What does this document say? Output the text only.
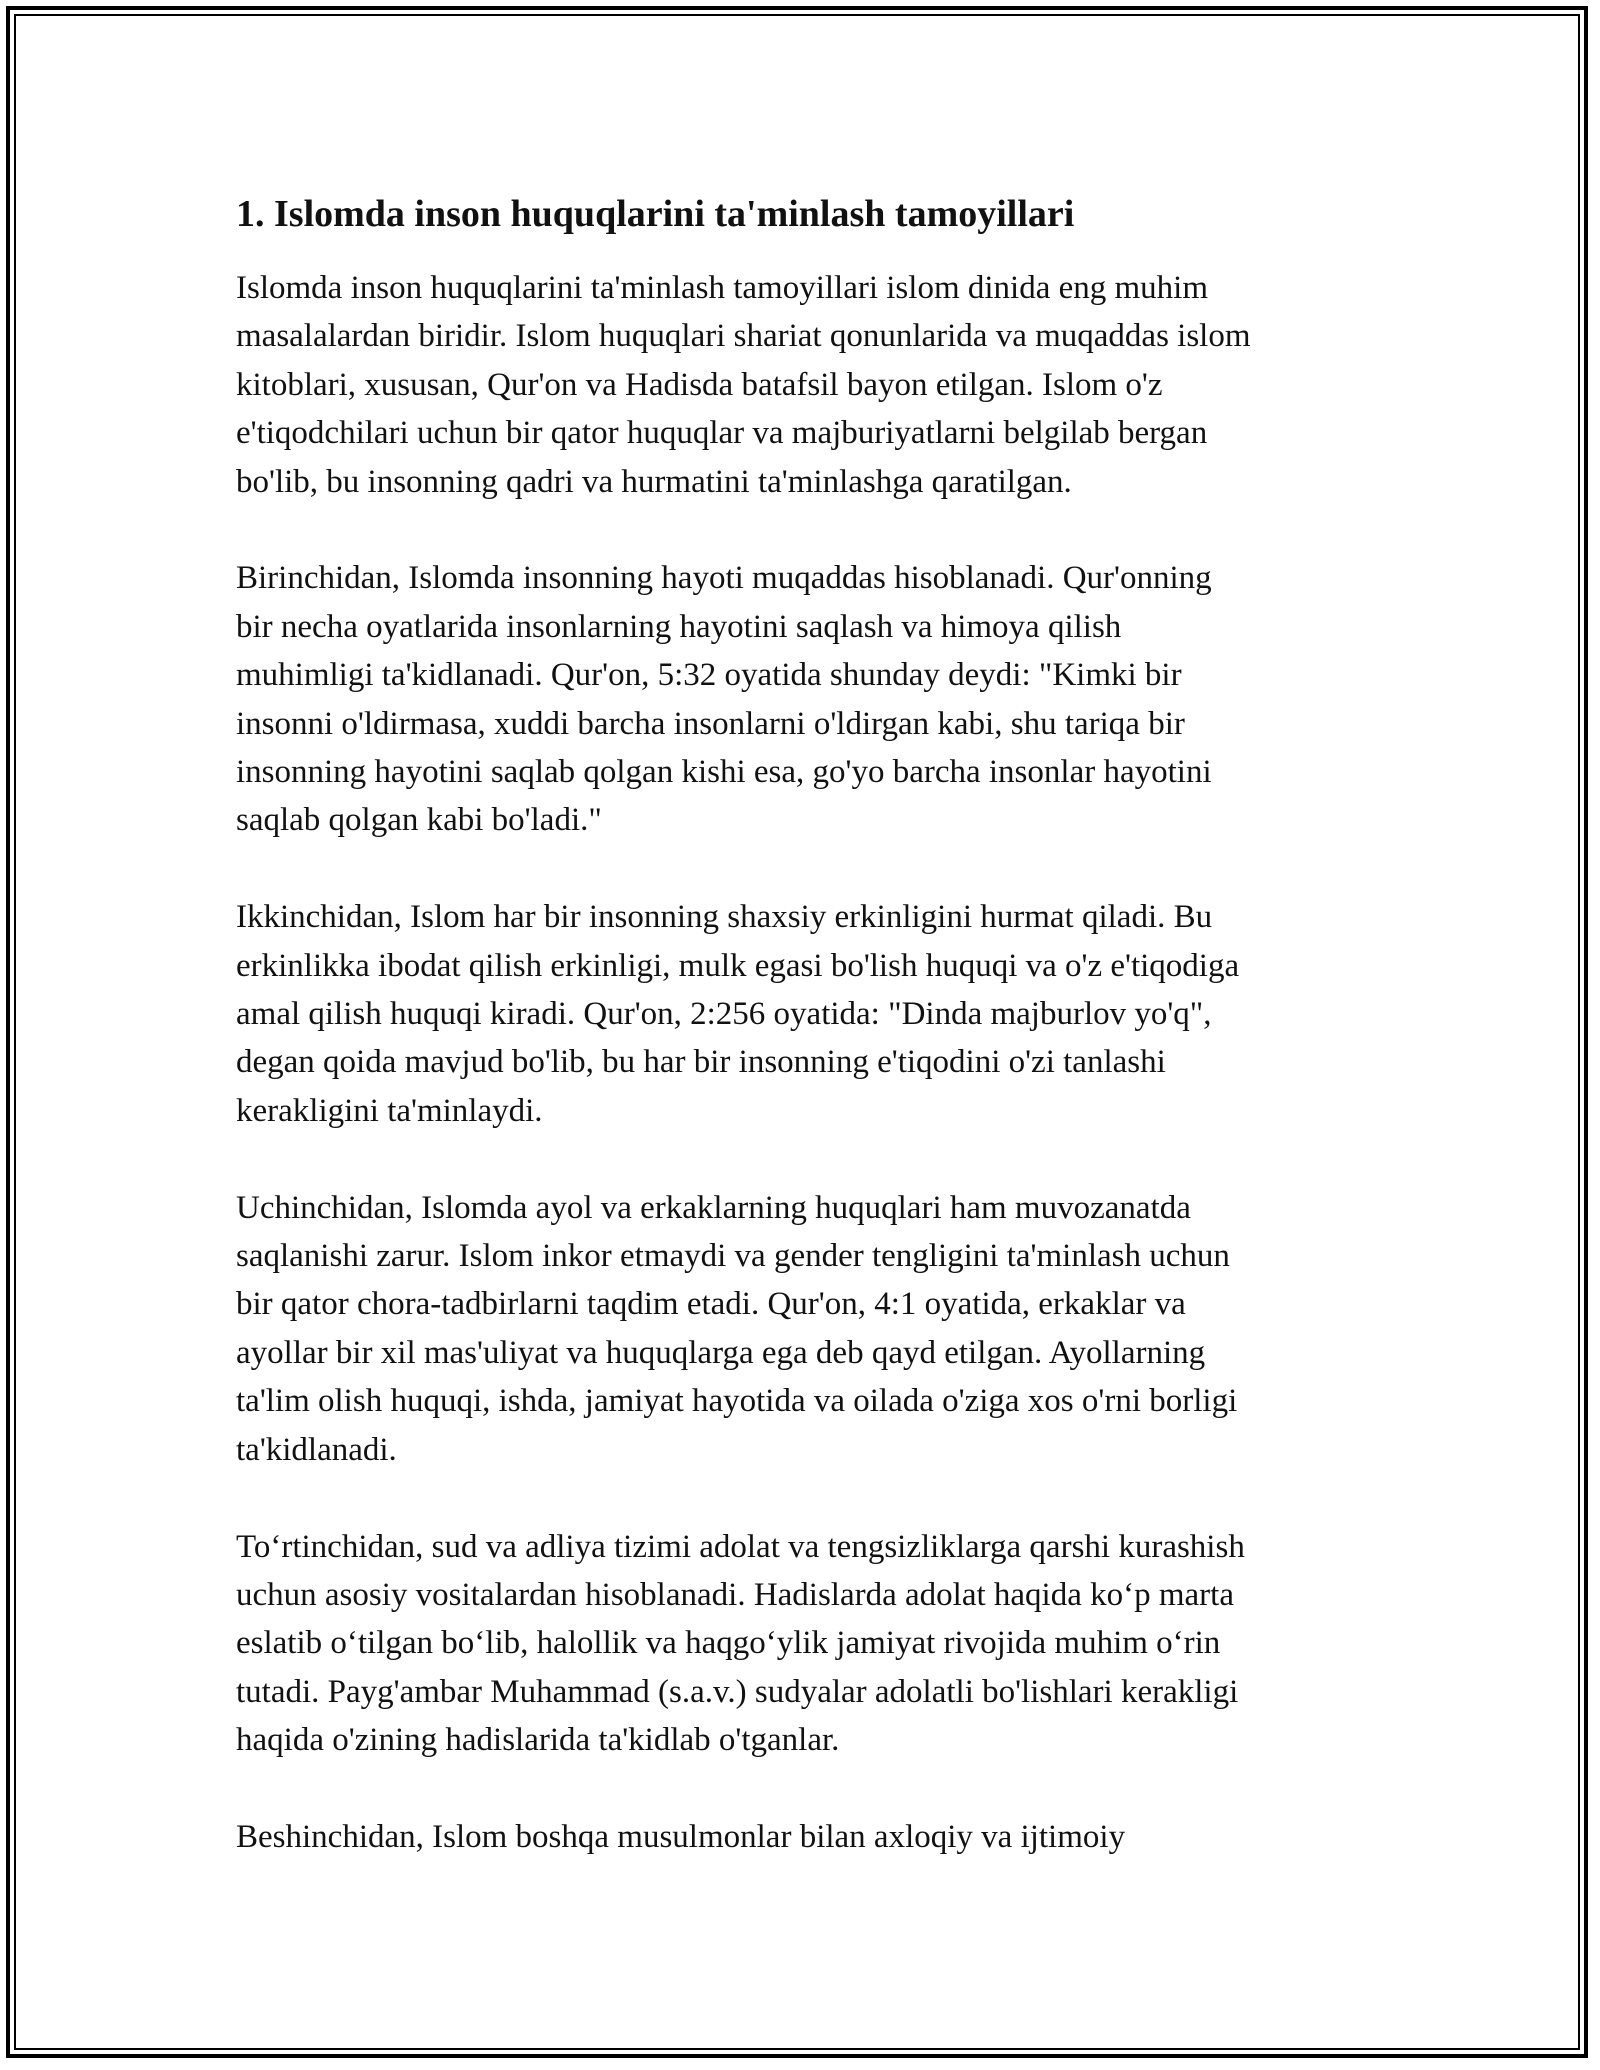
1. Islomda inson huquqlarini ta'minlash tamoyillari

Islomda inson huquqlarini ta'minlash tamoyillari islom dinida eng muhim
masalalardan biridir. Islom huquqlari shariat qonunlarida va muqaddas islom
kitoblari, xususan, Qur'on va Hadisda batafsil bayon etilgan. Islom o'z
e'tiqodchilari uchun bir qator huquqlar va majburiyatlarni belgilab bergan
bo'lib, bu insonning qadri va hurmatini ta'minlashga qaratilgan.

Birinchidan, Islomda insonning hayoti muqaddas hisoblanadi. Qur'onning
bir necha oyatlarida insonlarning hayotini saqlash va himoya qilish
muhimligi ta'kidlanadi. Qur'on, 5:32 oyatida shunday deydi: "Kimki bir
insonni o'ldirmasa, xuddi barcha insonlarni o'ldirgan kabi, shu tariqa bir
insonning hayotini saqlab qolgan kishi esa, go'yo barcha insonlar hayotini
saqlab qolgan kabi bo'ladi."

Ikkinchidan, Islom har bir insonning shaxsiy erkinligini hurmat qiladi. Bu
erkinlikka ibodat qilish erkinligi, mulk egasi bo'lish huquqi va o'z e'tiqodiga
amal qilish huquqi kiradi. Qur'on, 2:256 oyatida: "Dinda majburlov yo'q",
degan qoida mavjud bo'lib, bu har bir insonning e'tiqodini o'zi tanlashi
kerakligini ta'minlaydi.

Uchinchidan, Islomda ayol va erkaklarning huquqlari ham muvozanatda
saqlanishi zarur. Islom inkor etmaydi va gender tengligini ta'minlash uchun
bir qator chora-tadbirlarni taqdim etadi. Qur'on, 4:1 oyatida, erkaklar va
ayollar bir xil mas'uliyat va huquqlarga ega deb qayd etilgan. Ayollarning
ta'lim olish huquqi, ishda, jamiyat hayotida va oilada o'ziga xos o'rni borligi
ta'kidlanadi.

To‘rtinchidan, sud va adliya tizimi adolat va tengsizliklarga qarshi kurashish
uchun asosiy vositalardan hisoblanadi. Hadislarda adolat haqida ko‘p marta
eslatib o‘tilgan bo‘lib, halollik va haqgo‘ylik jamiyat rivojida muhim o‘rin
tutadi. Payg'ambar Muhammad (s.a.v.) sudyalar adolatli bo'lishlari kerakligi
haqida o'zining hadislarida ta'kidlab o'tganlar.

Beshinchidan, Islom boshqa musulmonlar bilan axloqiy va ijtimoiy
